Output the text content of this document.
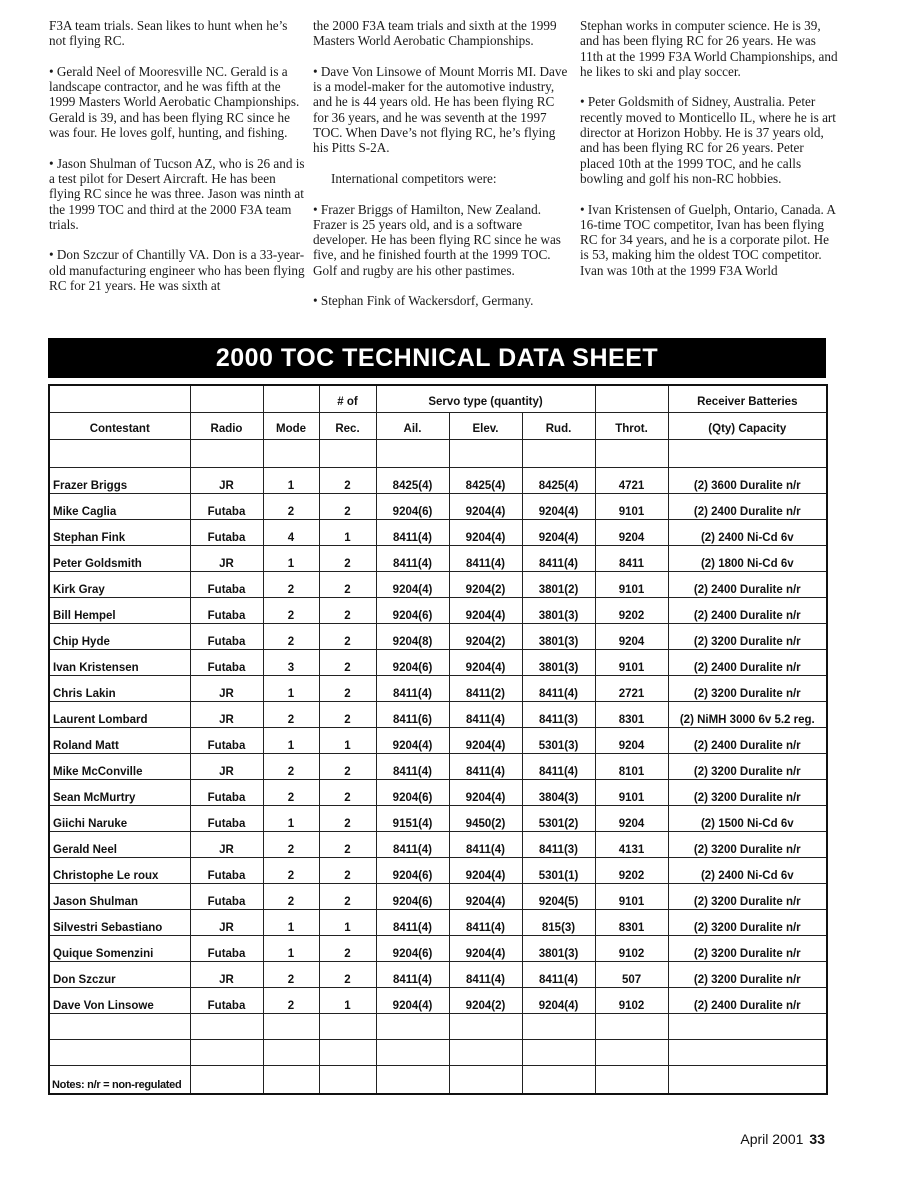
F3A team trials. Sean likes to hunt when he’s not flying RC.

• Gerald Neel of Mooresville NC. Gerald is a landscape contractor, and he was fifth at the 1999 Masters World Aerobatic Championships. Gerald is 39, and has been flying RC since he was four. He loves golf, hunting, and fishing.

• Jason Shulman of Tucson AZ, who is 26 and is a test pilot for Desert Aircraft. He has been flying RC since he was three. Jason was ninth at the 1999 TOC and third at the 2000 F3A team trials.

• Don Szczur of Chantilly VA. Don is a 33-year-old manufacturing engineer who has been flying RC for 21 years. He was sixth at

the 2000 F3A team trials and sixth at the 1999 Masters World Aerobatic Championships.

• Dave Von Linsowe of Mount Morris MI. Dave is a model-maker for the automotive industry, and he is 44 years old. He has been flying RC for 36 years, and he was seventh at the 1997 TOC. When Dave’s not flying RC, he’s flying his Pitts S-2A.

International competitors were:

• Frazer Briggs of Hamilton, New Zealand. Frazer is 25 years old, and is a software developer. He has been flying RC since he was five, and he finished fourth at the 1999 TOC. Golf and rugby are his other pastimes.

• Stephan Fink of Wackersdorf, Germany.

Stephan works in computer science. He is 39, and has been flying RC for 26 years. He was 11th at the 1999 F3A World Championships, and he likes to ski and play soccer.

• Peter Goldsmith of Sidney, Australia. Peter recently moved to Monticello IL, where he is art director at Horizon Hobby. He is 37 years old, and has been flying RC for 26 years. Peter placed 10th at the 1999 TOC, and he calls bowling and golf his non-RC hobbies.

• Ivan Kristensen of Guelph, Ontario, Canada. A 16-time TOC competitor, Ivan has been flying RC for 34 years, and he is a corporate pilot. He is 53, making him the oldest TOC competitor. Ivan was 10th at the 1999 F3A World

2000 TOC TECHNICAL DATA SHEET
			# of	Servo type (quantity)				Receiver Batteries
Contestant	Radio	Mode	Rec.	Ail.	Elev.	Rud.	Throt.	(Qty) Capacity

Frazer Briggs	JR	1	2	8425(4)	8425(4)	8425(4)	4721	(2) 3600 Duralite n/r
Mike Caglia	Futaba	2	2	9204(6)	9204(4)	9204(4)	9101	(2) 2400 Duralite n/r
Stephan Fink	Futaba	4	1	8411(4)	9204(4)	9204(4)	9204	(2) 2400 Ni-Cd 6v
Peter Goldsmith	JR	1	2	8411(4)	8411(4)	8411(4)	8411	(2) 1800 Ni-Cd 6v
Kirk Gray	Futaba	2	2	9204(4)	9204(2)	3801(2)	9101	(2) 2400 Duralite n/r
Bill Hempel	Futaba	2	2	9204(6)	9204(4)	3801(3)	9202	(2) 2400 Duralite n/r
Chip Hyde	Futaba	2	2	9204(8)	9204(2)	3801(3)	9204	(2) 3200 Duralite n/r
Ivan Kristensen	Futaba	3	2	9204(6)	9204(4)	3801(3)	9101	(2) 2400 Duralite n/r
Chris Lakin	JR	1	2	8411(4)	8411(2)	8411(4)	2721	(2) 3200 Duralite n/r
Laurent Lombard	JR	2	2	8411(6)	8411(4)	8411(3)	8301	(2) NiMH 3000 6v 5.2 reg.
Roland Matt	Futaba	1	1	9204(4)	9204(4)	5301(3)	9204	(2) 2400 Duralite n/r
Mike McConville	JR	2	2	8411(4)	8411(4)	8411(4)	8101	(2) 3200 Duralite n/r
Sean McMurtry	Futaba	2	2	9204(6)	9204(4)	3804(3)	9101	(2) 3200 Duralite n/r
Giichi Naruke	Futaba	1	2	9151(4)	9450(2)	5301(2)	9204	(2) 1500 Ni-Cd 6v
Gerald Neel	JR	2	2	8411(4)	8411(4)	8411(3)	4131	(2) 3200 Duralite n/r
Christophe Le roux	Futaba	2	2	9204(6)	9204(4)	5301(1)	9202	(2) 2400 Ni-Cd 6v
Jason Shulman	Futaba	2	2	9204(6)	9204(4)	9204(5)	9101	(2) 3200 Duralite n/r
Silvestri Sebastiano	JR	1	1	8411(4)	8411(4)	815(3)	8301	(2) 3200 Duralite n/r
Quique Somenzini	Futaba	1	2	9204(6)	9204(4)	3801(3)	9102	(2) 3200 Duralite n/r
Don Szczur	JR	2	2	8411(4)	8411(4)	8411(4)	507	(2) 3200 Duralite n/r
Dave Von Linsowe	Futaba	2	1	9204(4)	9204(2)	9204(4)	9102	(2) 2400 Duralite n/r

Notes: n/r = non-regulated								
April 2001 33
